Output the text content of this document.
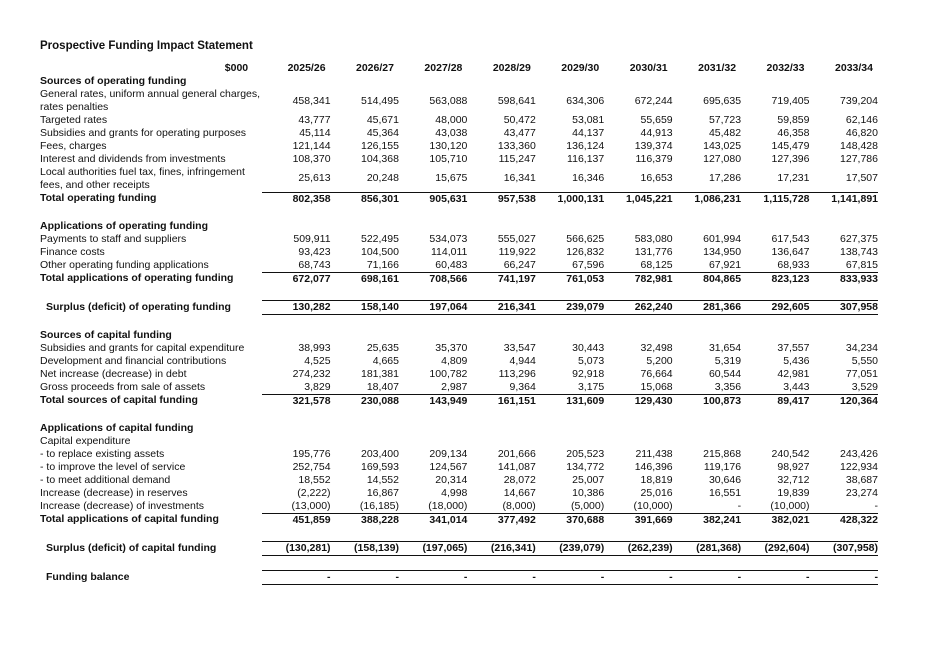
Prospective Funding Impact Statement
$000	2025/26	2026/27	2027/28	2028/29	2029/30	2030/31	2031/32	2032/33	2033/34
Sources of operating funding									
General rates, uniform annual general charges, rates penalties	458,341	514,495	563,088	598,641	634,306	672,244	695,635	719,405	739,204
Targeted rates	43,777	45,671	48,000	50,472	53,081	55,659	57,723	59,859	62,146
Subsidies and grants for operating purposes	45,114	45,364	43,038	43,477	44,137	44,913	45,482	46,358	46,820
Fees, charges	121,144	126,155	130,120	133,360	136,124	139,374	143,025	145,479	148,428
Interest and dividends from investments	108,370	104,368	105,710	115,247	116,137	116,379	127,080	127,396	127,786
Local authorities fuel tax, fines, infringement fees, and other receipts	25,613	20,248	15,675	16,341	16,346	16,653	17,286	17,231	17,507
Total operating funding	802,358	856,301	905,631	957,538	1,000,131	1,045,221	1,086,231	1,115,728	1,141,891

Applications of operating funding									
Payments to staff and suppliers	509,911	522,495	534,073	555,027	566,625	583,080	601,994	617,543	627,375
Finance costs	93,423	104,500	114,011	119,922	126,832	131,776	134,950	136,647	138,743
Other operating funding applications	68,743	71,166	60,483	66,247	67,596	68,125	67,921	68,933	67,815
Total applications of operating funding	672,077	698,161	708,566	741,197	761,053	782,981	804,865	823,123	833,933

Surplus (deficit) of operating funding	130,282	158,140	197,064	216,341	239,079	262,240	281,366	292,605	307,958

Sources of capital funding									
Subsidies and grants for capital expenditure	38,993	25,635	35,370	33,547	30,443	32,498	31,654	37,557	34,234
Development and financial contributions	4,525	4,665	4,809	4,944	5,073	5,200	5,319	5,436	5,550
Net increase (decrease) in debt	274,232	181,381	100,782	113,296	92,918	76,664	60,544	42,981	77,051
Gross proceeds from sale of assets	3,829	18,407	2,987	9,364	3,175	15,068	3,356	3,443	3,529
Total sources of capital funding	321,578	230,088	143,949	161,151	131,609	129,430	100,873	89,417	120,364

Applications of capital funding									
Capital expenditure									
- to replace existing assets	195,776	203,400	209,134	201,666	205,523	211,438	215,868	240,542	243,426
- to improve the level of service	252,754	169,593	124,567	141,087	134,772	146,396	119,176	98,927	122,934
- to meet additional demand	18,552	14,552	20,314	28,072	25,007	18,819	30,646	32,712	38,687
Increase (decrease) in reserves	(2,222)	16,867	4,998	14,667	10,386	25,016	16,551	19,839	23,274
Increase (decrease) of investments	(13,000)	(16,185)	(18,000)	(8,000)	(5,000)	(10,000)	-	(10,000)	-
Total applications of capital funding	451,859	388,228	341,014	377,492	370,688	391,669	382,241	382,021	428,322

Surplus (deficit) of capital funding	(130,281)	(158,139)	(197,065)	(216,341)	(239,079)	(262,239)	(281,368)	(292,604)	(307,958)

Funding balance	-	-	-	-	-	-	-	-	-
